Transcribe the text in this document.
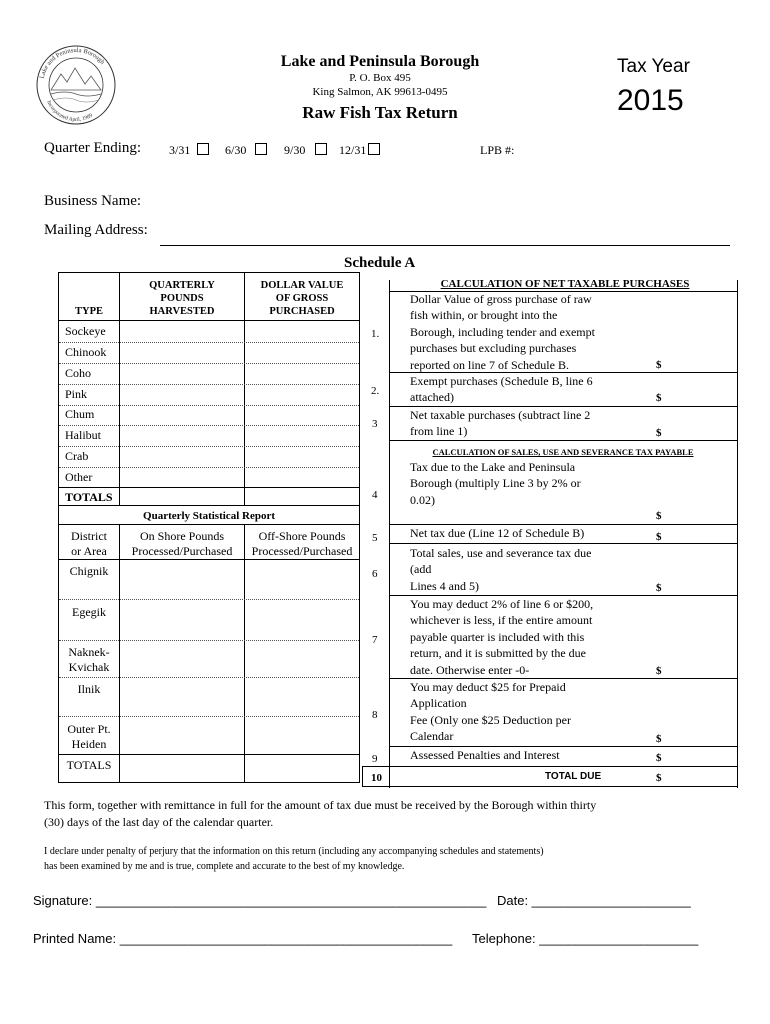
Lake and Peninsula Borough
Incorporated April, 1989
Lake and Peninsula Borough
P. O. Box 495
King Salmon, AK 99613-0495
Raw Fish Tax Return
Tax Year
2015
Quarter Ending: 3/31	6/30	9/30	12/31	LPB #:
Business Name:
Mailing Address:
Schedule A
TYPE
QUARTERLY
POUNDS
HARVESTED
DOLLAR VALUE
OF GROSS
PURCHASED
Sockeye
Chinook
Coho
Pink
Chum
Halibut
Crab
Other
TOTALS
Quarterly Statistical Report
District
or Area
On Shore Pounds
Processed/Purchased
Off-Shore Pounds
Processed/Purchased
Chignik
Egegik
Naknek-
Kvichak
Ilnik
Outer Pt.
Heiden
TOTALS
CALCULATION OF NET TAXABLE PURCHASES
1.
Dollar Value of gross purchase of raw
fish within, or brought into the
Borough, including tender and exempt
purchases but excluding purchases
reported on line 7 of Schedule B.	$
2.
Exempt purchases (Schedule B, line 6
attached)	$
3
Net taxable purchases (subtract line 2
from line 1)	$
CALCULATION OF SALES, USE AND SEVERANCE TAX PAYABLE
4
Tax due to the Lake and Peninsula
Borough (multiply Line 3 by 2% or
0.02)
$
5	Net tax due (Line 12 of Schedule B)	$
6
Total sales, use and severance tax due
(add
Lines 4 and 5)	$
7
You may deduct 2% of line 6 or $200,
whichever is less, if the entire amount
payable quarter is included with this
return, and it is submitted by the due
date. Otherwise enter -0-	$
8
You may deduct $25 for Prepaid
Application
Fee (Only one $25 Deduction per
Calendar	$
9	Assessed Penalties and Interest	$
10	TOTAL DUE	$
This form, together with remittance in full for the amount of tax due must be received by the Borough within thirty
(30) days of the last day of the calendar quarter.
I declare under penalty of perjury that the information on this return (including any accompanying schedules and statements)
has been examined by me and is true, complete and accurate to the best of my knowledge.
Signature: ______________________________________________________ Date: ______________________
Printed Name: ______________________________________________ Telephone: ______________________
